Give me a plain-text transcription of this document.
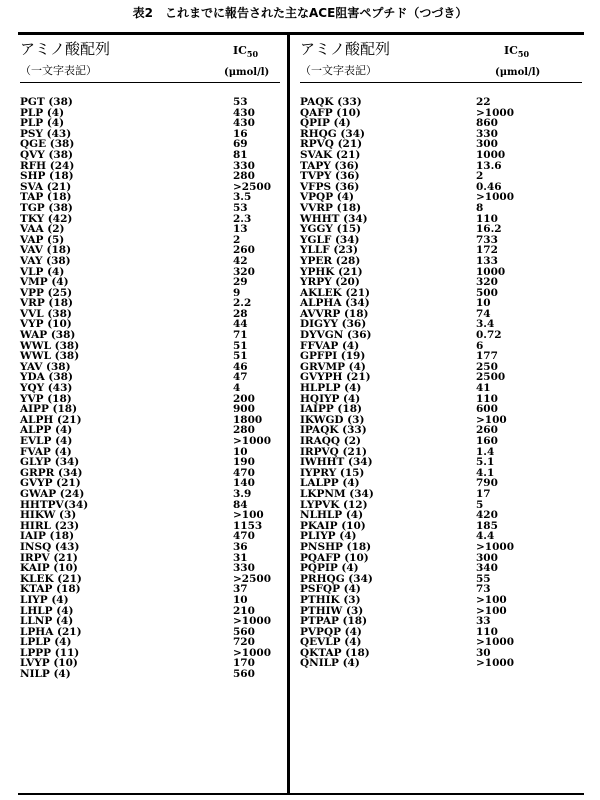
表2　これまでに報告された主なACE阻害ペプチド（つづき）
アミノ酸配列
（一文字表記）
$IC_{50}$
(μmol/l)
PGT (38)	53
PLP (4)	430
PLP (4)	430
PSY (43)	16
QGE (38)	69
QVY (38)	81
RFH (24)	330
SHP (18)	280
SVA (21)	>2500
TAP (18)	3.5
TGP (38)	53
TKY (42)	2.3
VAA (2)	13
VAP (5)	2
VAV (18)	260
VAY (38)	42
VLP (4)	320
VMP (4)	29
VPP (25)	9
VRP (18)	2.2
VVL (38)	28
VYP (10)	44
WAP (38)	71
WWL (38)	51
WWL (38)	51
YAV (38)	46
YDA (38)	47
YQY (43)	4
YVP (18)	200
AIPP (18)	900
ALPH (21)	1800
ALPP (4)	280
EVLP (4)	>1000
FVAP (4)	10
GLYP (34)	190
GRPR (34)	470
GVYP (21)	140
GWAP (24)	3.9
HHTPV(34)	84
HIKW (3)	>100
HIRL (23)	1153
IAIP (18)	470
INSQ (43)	36
IRPV (21)	31
KAIP (10)	330
KLEK (21)	>2500
KTAP (18)	37
LIYP (4)	10
LHLP (4)	210
LLNP (4)	>1000
LPHA (21)	560
LPLP (4)	720
LPPP (11)	>1000
LVYP (10)	170
NILP (4)	560
アミノ酸配列
（一文字表記）
$IC_{50}$
(μmol/l)
PAQK (33)	22
QAFP (10)	>1000
QPIP (4)	860
RHQG (34)	330
RPVQ (21)	300
SVAK (21)	1000
TAPY (36)	13.6
TVPY (36)	2
VFPS (36)	0.46
VPQP (4)	>1000
VVRP (18)	8
WHHT (34)	110
YGGY (15)	16.2
YGLF (34)	733
YLLF (23)	172
YPER (28)	133
YPHK (21)	1000
YRPY (20)	320
AKLEK (21)	500
ALPHA (34)	10
AVVRP (18)	74
DIGYY (36)	3.4
DYVGN (36)	0.72
FFVAP (4)	6
GPFPI (19)	177
GRVMP (4)	250
GVYPH (21)	2500
HLPLP (4)	41
HQIYP (4)	110
IAIPP (18)	600
IKWGD (3)	>100
IPAQK (33)	260
IRAQQ (2)	160
IRPVQ (21)	1.4
IWHHT (34)	5.1
IYPRY (15)	4.1
LALPP (4)	790
LKPNM (34)	17
LYPVK (12)	5
NLHLP (4)	420
PKAIP (10)	185
PLIYP (4)	4.4
PNSHP (18)	>1000
PQAFP (10)	300
PQPIP (4)	340
PRHQG (34)	55
PSFQP (4)	73
PTHIK (3)	>100
PTHIW (3)	>100
PTPAP (18)	33
PVPQP (4)	110
QEVLP (4)	>1000
QKTAP (18)	30
QNILP (4)	>1000
